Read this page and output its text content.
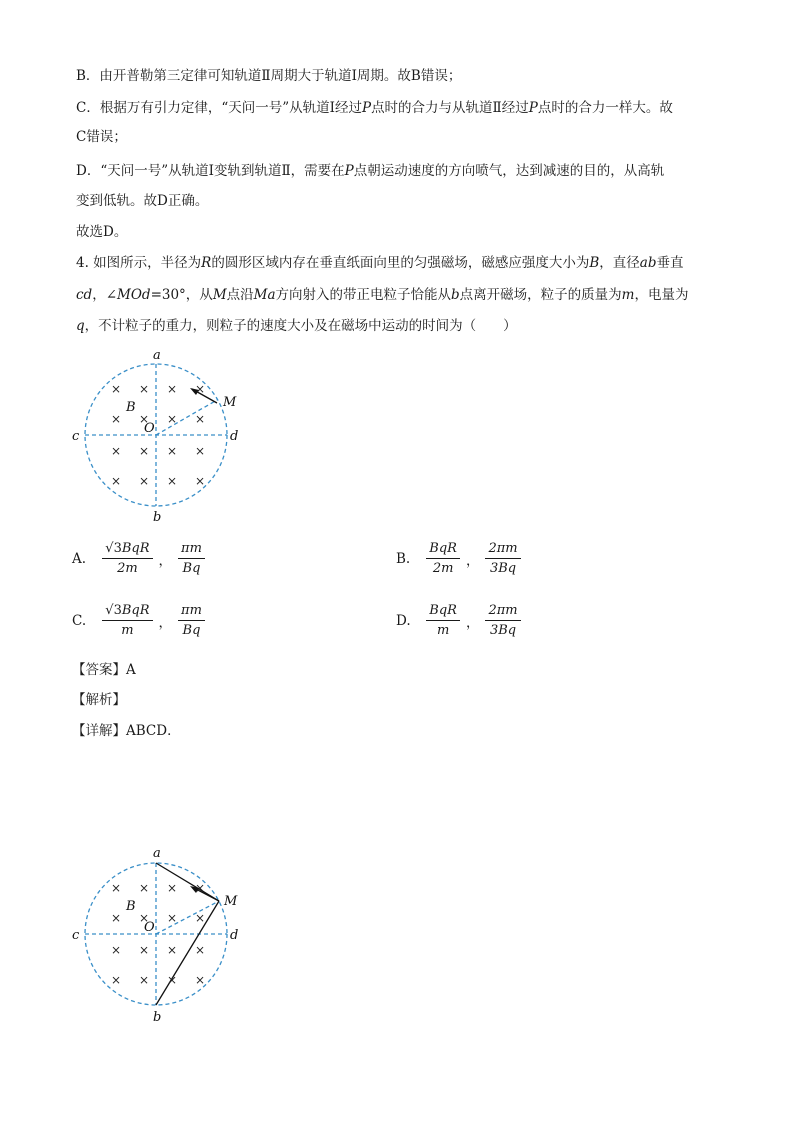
B．由开普勒第三定律可知轨道Ⅱ周期大于轨道Ⅰ周期。故B错误；
C．根据万有引力定律，“天问一号”从轨道Ⅰ经过P点时的合力与从轨道Ⅱ经过P点时的合力一样大。故
C错误；
D．“天问一号”从轨道Ⅰ变轨到轨道Ⅱ，需要在P点朝运动速度的方向喷气，达到减速的目的，从高轨
变到低轨。故D正确。
故选D。
4. 如图所示，半径为R的圆形区域内存在垂直纸面向里的匀强磁场，磁感应强度大小为B，直径ab垂直
cd，∠MOd=30°，从M点沿Ma方向射入的带正电粒子恰能从b点离开磁场，粒子的质量为m，电量为
q，不计粒子的重力，则粒子的速度大小及在磁场中运动的时间为（　　）
× × × ×
× × × ×
× × × ×
× × × ×
a
b
c	d
O
M
B
A. $\frac{\text{√3BqR}}{2m}$ ， $\frac{\pi m}{Bq}$	B. $\frac{\text{BqR}}{2m}$ ， $\frac{2\pi m}{3Bq}$
C. $\frac{\text{√3BqR}}{m}$ ， $\frac{\pi m}{Bq}$	D. $\frac{\text{BqR}}{m}$ ， $\frac{2\pi m}{3Bq}$
【答案】A
【解析】
【详解】ABCD．
× × × ×
× × × ×
× × × ×
× × × ×
a
b
c	d
O
M
B
